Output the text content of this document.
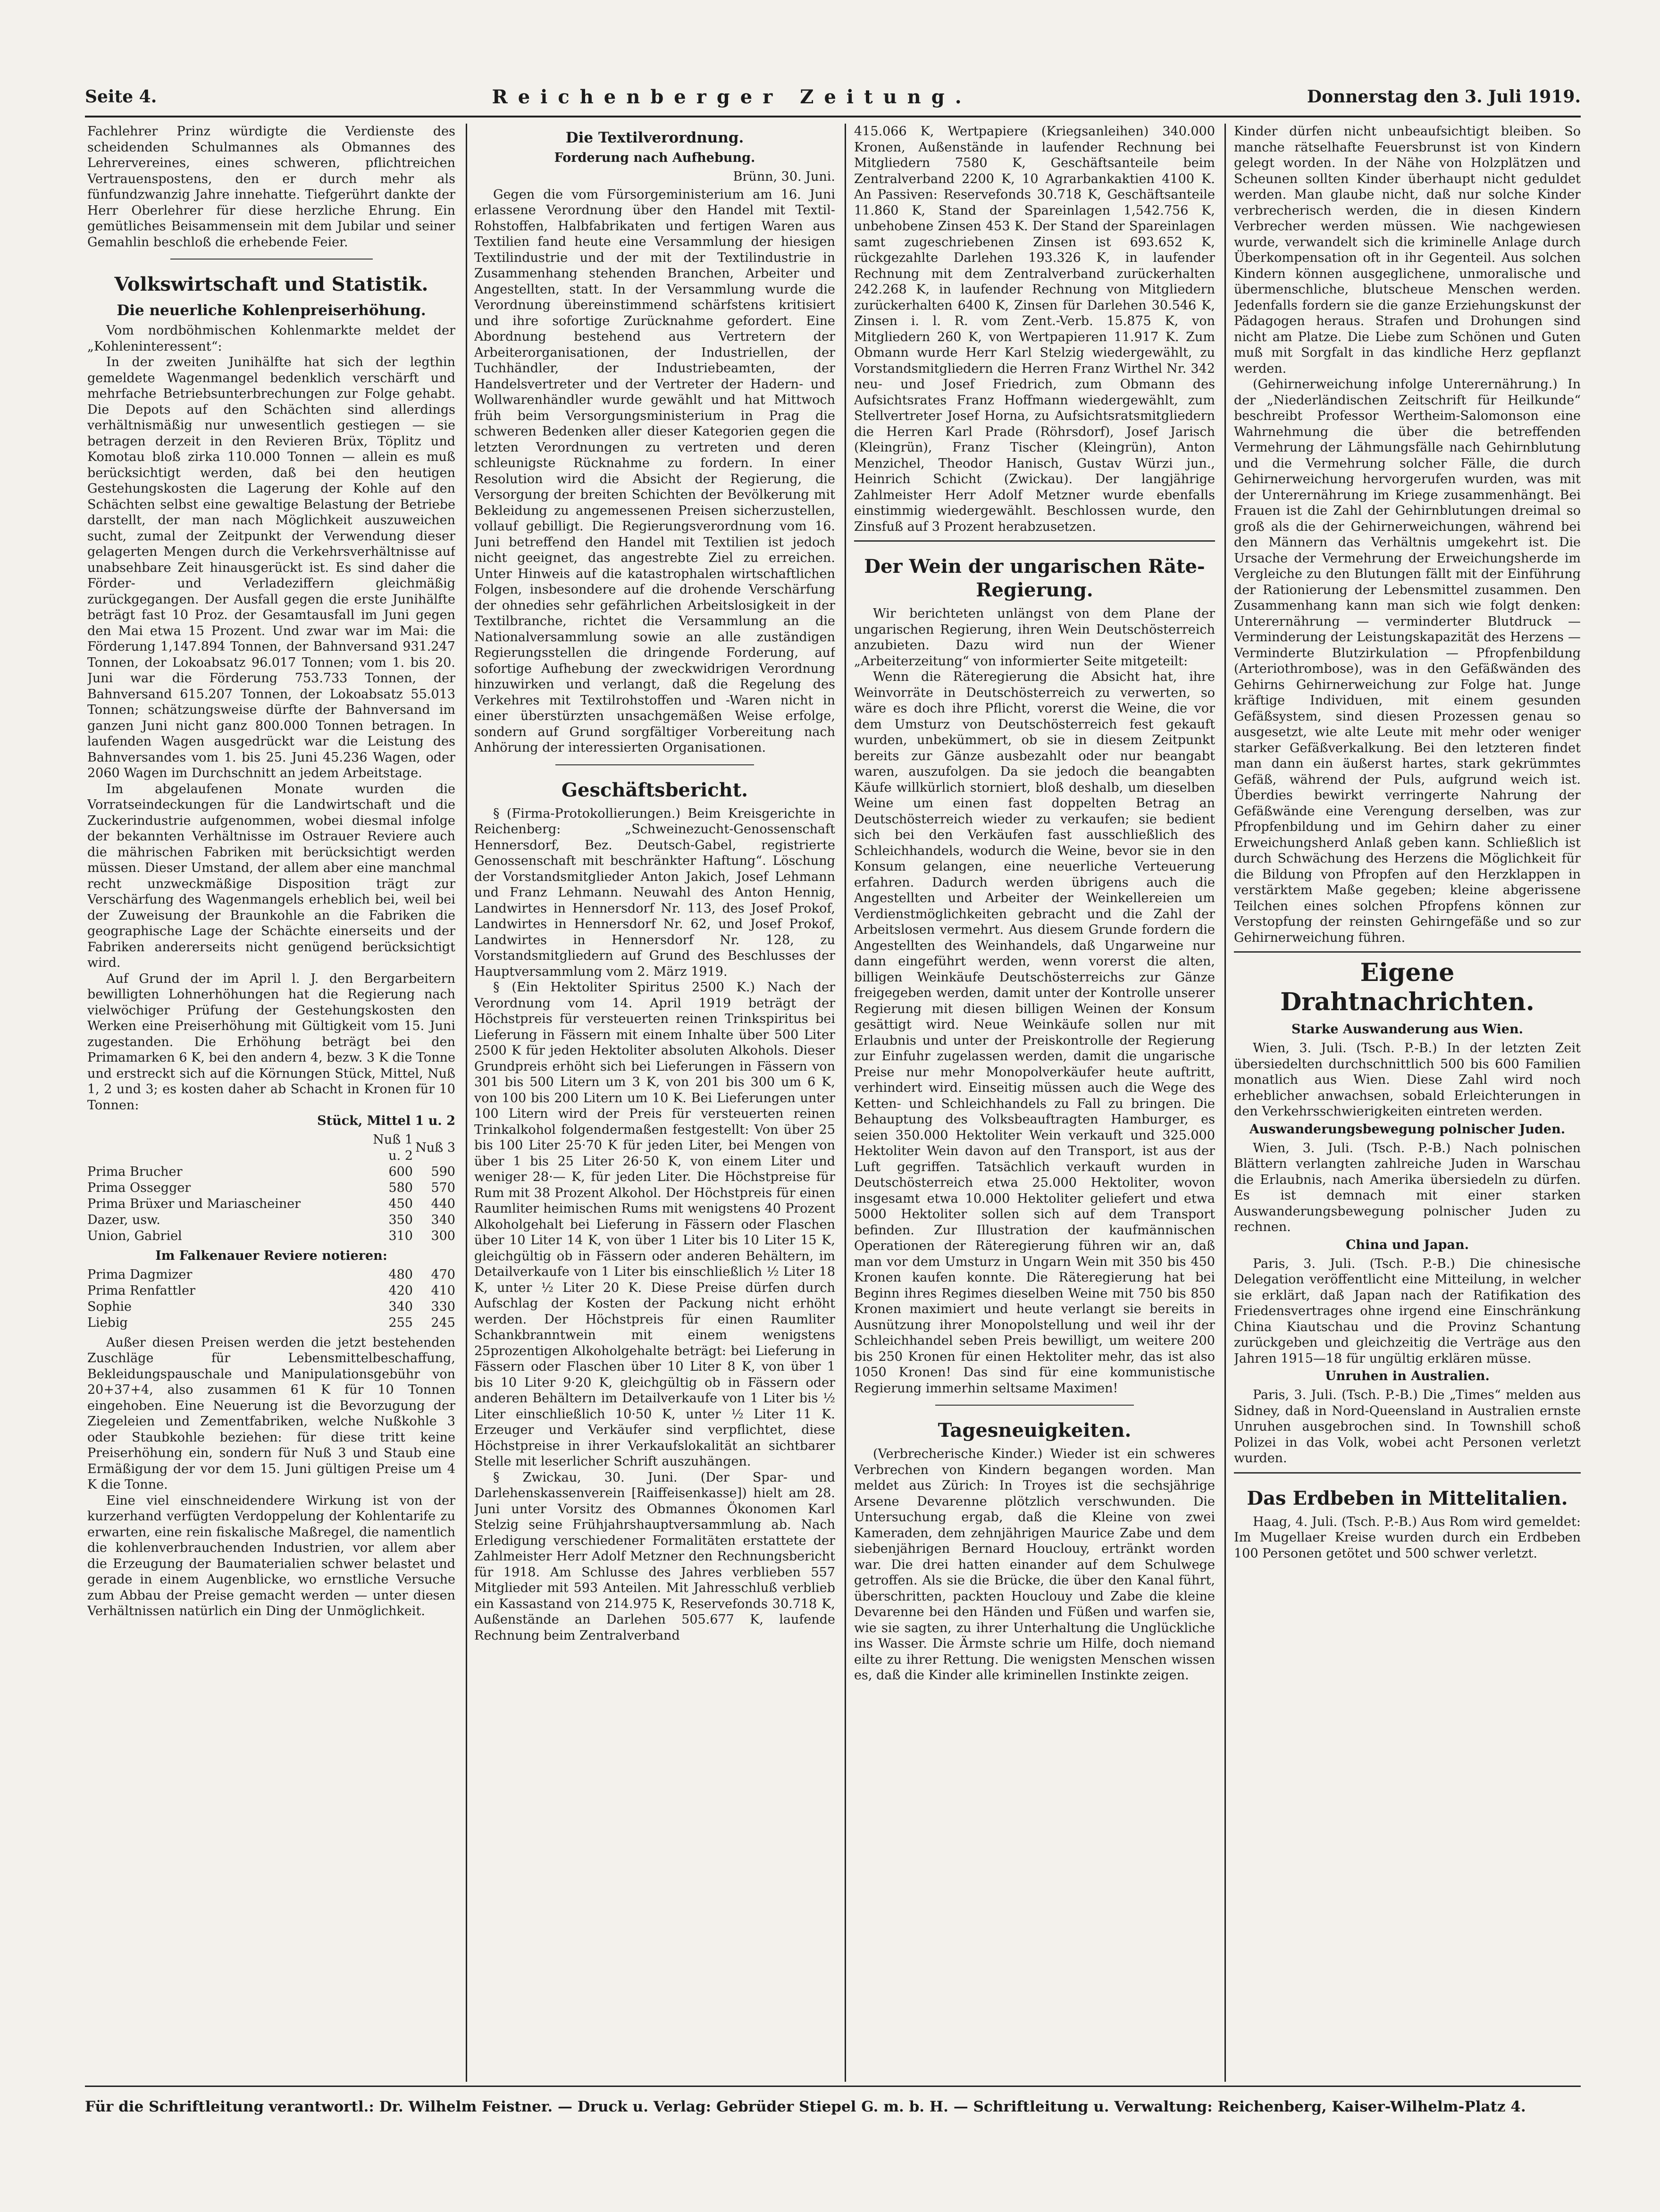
Seite 4.	Reichenberger Zeitung.	Donnerstag den 3. Juli 1919.

Fachlehrer Prinz würdigte die Verdienste des scheidenden Schulmannes als Obmannes des Lehrervereines, eines schweren, pflichtreichen Vertrauenspostens, den er durch mehr als fünfundzwanzig Jahre innehatte. Tiefgerührt dankte der Herr Oberlehrer für diese herzliche Ehrung. Ein gemütliches Beisammensein mit dem Jubilar und seiner Gemahlin beschloß die erhebende Feier.

Volkswirtschaft und Statistik.
Die neuerliche Kohlenpreiserhöhung.

Vom nordböhmischen Kohlenmarkte meldet der „Kohleninteressent“:

In der zweiten Junihälfte hat sich der legthin gemeldete Wagenmangel bedenklich verschärft und mehrfache Betriebsunterbrechungen zur Folge gehabt. Die Depots auf den Schächten sind allerdings verhältnismäßig nur unwesentlich gestiegen — sie betragen derzeit in den Revieren Brüx, Töplitz und Komotau bloß zirka 110.000 Tonnen — allein es muß berücksichtigt werden, daß bei den heutigen Gestehungskosten die Lagerung der Kohle auf den Schächten selbst eine gewaltige Belastung der Betriebe darstellt, der man nach Möglichkeit auszuweichen sucht, zumal der Zeitpunkt der Verwendung dieser gelagerten Mengen durch die Verkehrsverhältnisse auf unabsehbare Zeit hinausgerückt ist. Es sind daher die Förder- und Verladeziffern gleichmäßig zurückgegangen. Der Ausfall gegen die erste Junihälfte beträgt fast 10 Proz. der Gesamtausfall im Juni gegen den Mai etwa 15 Prozent. Und zwar war im Mai: die Förderung 1,147.894 Tonnen, der Bahnversand 931.247 Tonnen, der Lokoabsatz 96.017 Tonnen; vom 1. bis 20. Juni war die Förderung 753.733 Tonnen, der Bahnversand 615.207 Tonnen, der Lokoabsatz 55.013 Tonnen; schätzungsweise dürfte der Bahnversand im ganzen Juni nicht ganz 800.000 Tonnen betragen. In laufenden Wagen ausgedrückt war die Leistung des Bahnversandes vom 1. bis 25. Juni 45.236 Wagen, oder 2060 Wagen im Durchschnitt an jedem Arbeitstage.

Im abgelaufenen Monate wurden die Vorratseindeckungen für die Landwirtschaft und die Zuckerindustrie aufgenommen, wobei diesmal infolge der bekannten Verhältnisse im Ostrauer Reviere auch die mährischen Fabriken mit berücksichtigt werden müssen. Dieser Umstand, der allem aber eine manchmal recht unzweckmäßige Disposition trägt zur Verschärfung des Wagenmangels erheblich bei, weil bei der Zuweisung der Braunkohle an die Fabriken die geographische Lage der Schächte einerseits und der Fabriken andererseits nicht genügend berücksichtigt wird.

Auf Grund der im April l. J. den Bergarbeitern bewilligten Lohnerhöhungen hat die Regierung nach vielwöchiger Prüfung der Gestehungskosten den Werken eine Preiserhöhung mit Gültigkeit vom 15. Juni zugestanden. Die Erhöhung beträgt bei den Primamarken 6 K, bei den andern 4, bezw. 3 K die Tonne und erstreckt sich auf die Körnungen Stück, Mittel, Nuß 1, 2 und 3; es kosten daher ab Schacht in Kronen für 10 Tonnen:

Stück, Mittel 1 u. 2
	Nuß 1 u. 2	Nuß 3
Prima Brucher	600	590
Prima Ossegger	580	570
Prima Brüxer und Mariascheiner	450	440
Dazer, usw.	350	340
Union, Gabriel	310	300
Im Falkenauer Reviere notieren:
Prima Dagmizer	480	470
Prima Renfattler	420	410
Sophie	340	330
Liebig	255	245

Außer diesen Preisen werden die jetzt bestehenden Zuschläge für Lebensmittelbeschaffung, Bekleidungspauschale und Manipulationsgebühr von 20+37+4, also zusammen 61 K für 10 Tonnen eingehoben. Eine Neuerung ist die Bevorzugung der Ziegeleien und Zementfabriken, welche Nußkohle 3 oder Staubkohle beziehen: für diese tritt keine Preiserhöhung ein, sondern für Nuß 3 und Staub eine Ermäßigung der vor dem 15. Juni gültigen Preise um 4 K die Tonne.

Eine viel einschneidendere Wirkung ist von der kurzerhand verfügten Verdoppelung der Kohlentarife zu erwarten, eine rein fiskalische Maßregel, die namentlich die kohlenverbrauchenden Industrien, vor allem aber die Erzeugung der Baumaterialien schwer belastet und gerade in einem Augenblicke, wo ernstliche Versuche zum Abbau der Preise gemacht werden — unter diesen Verhältnissen natürlich ein Ding der Unmöglichkeit.

Die Textilverordnung.
Forderung nach Aufhebung.
Brünn, 30. Juni.

Gegen die vom Fürsorgeministerium am 16. Juni erlassene Verordnung über den Handel mit Textil-Rohstoffen, Halbfabrikaten und fertigen Waren aus Textilien fand heute eine Versammlung der hiesigen Textilindustrie und der mit der Textilindustrie in Zusammenhang stehenden Branchen, Arbeiter und Angestellten, statt. In der Versammlung wurde die Verordnung übereinstimmend schärfstens kritisiert und ihre sofortige Zurücknahme gefordert. Eine Abordnung bestehend aus Vertretern der Arbeiterorganisationen, der Industriellen, der Tuchhändler, der Industriebeamten, der Handelsvertreter und der Vertreter der Hadern- und Wollwarenhändler wurde gewählt und hat Mittwoch früh beim Versorgungsministerium in Prag die schweren Bedenken aller dieser Kategorien gegen die letzten Verordnungen zu vertreten und deren schleunigste Rücknahme zu fordern. In einer Resolution wird die Absicht der Regierung, die Versorgung der breiten Schichten der Bevölkerung mit Bekleidung zu angemessenen Preisen sicherzustellen, vollauf gebilligt. Die Regierungsverordnung vom 16. Juni betreffend den Handel mit Textilien ist jedoch nicht geeignet, das angestrebte Ziel zu erreichen. Unter Hinweis auf die katastrophalen wirtschaftlichen Folgen, insbesondere auf die drohende Verschärfung der ohnedies sehr gefährlichen Arbeitslosigkeit in der Textilbranche, richtet die Versammlung an die Nationalversammlung sowie an alle zuständigen Regierungsstellen die dringende Forderung, auf sofortige Aufhebung der zweckwidrigen Verordnung hinzuwirken und verlangt, daß die Regelung des Verkehres mit Textilrohstoffen und -Waren nicht in einer überstürzten unsachgemäßen Weise erfolge, sondern auf Grund sorgfältiger Vorbereitung nach Anhörung der interessierten Organisationen.

Geschäftsbericht.

§ (Firma-Protokollierungen.) Beim Kreisgerichte in Reichenberg: „Schweinezucht-Genossenschaft Hennersdorf, Bez. Deutsch-Gabel, registrierte Genossenschaft mit beschränkter Haftung“. Löschung der Vorstandsmitglieder Anton Jakich, Josef Lehmann und Franz Lehmann. Neuwahl des Anton Hennig, Landwirtes in Hennersdorf Nr. 113, des Josef Prokof, Landwirtes in Hennersdorf Nr. 62, und Josef Prokof, Landwirtes in Hennersdorf Nr. 128, zu Vorstandsmitgliedern auf Grund des Beschlusses der Hauptversammlung vom 2. März 1919.

§ (Ein Hektoliter Spiritus 2500 K.) Nach der Verordnung vom 14. April 1919 beträgt der Höchstpreis für versteuerten reinen Trinkspiritus bei Lieferung in Fässern mit einem Inhalte über 500 Liter 2500 K für jeden Hektoliter absoluten Alkohols. Dieser Grundpreis erhöht sich bei Lieferungen in Fässern von 301 bis 500 Litern um 3 K, von 201 bis 300 um 6 K, von 100 bis 200 Litern um 10 K. Bei Lieferungen unter 100 Litern wird der Preis für versteuerten reinen Trinkalkohol folgendermaßen festgestellt: Von über 25 bis 100 Liter 25·70 K für jeden Liter, bei Mengen von über 1 bis 25 Liter 26·50 K, von einem Liter und weniger 28·— K, für jeden Liter. Die Höchstpreise für Rum mit 38 Prozent Alkohol. Der Höchstpreis für einen Raumliter heimischen Rums mit wenigstens 40 Prozent Alkoholgehalt bei Lieferung in Fässern oder Flaschen über 10 Liter 14 K, von über 1 Liter bis 10 Liter 15 K, gleichgültig ob in Fässern oder anderen Behältern, im Detailverkaufe von 1 Liter bis einschließlich ½ Liter 18 K, unter ½ Liter 20 K. Diese Preise dürfen durch Aufschlag der Kosten der Packung nicht erhöht werden. Der Höchstpreis für einen Raumliter Schankbranntwein mit einem wenigstens 25prozentigen Alkoholgehalte beträgt: bei Lieferung in Fässern oder Flaschen über 10 Liter 8 K, von über 1 bis 10 Liter 9·20 K, gleichgültig ob in Fässern oder anderen Behältern im Detailverkaufe von 1 Liter bis ½ Liter einschließlich 10·50 K, unter ½ Liter 11 K. Erzeuger und Verkäufer sind verpflichtet, diese Höchstpreise in ihrer Verkaufslokalität an sichtbarer Stelle mit leserlicher Schrift auszuhängen.

§ Zwickau, 30. Juni. (Der Spar- und Darlehenskassenverein [Raiffeisenkasse]) hielt am 28. Juni unter Vorsitz des Obmannes Ökonomen Karl Stelzig seine Frühjahrshauptversammlung ab. Nach Erledigung verschiedener Formalitäten erstattete der Zahlmeister Herr Adolf Metzner den Rechnungsbericht für 1918. Am Schlusse des Jahres verblieben 557 Mitglieder mit 593 Anteilen. Mit Jahresschluß verblieb ein Kassastand von 214.975 K, Reservefonds 30.718 K, Außenstände an Darlehen 505.677 K, laufende Rechnung beim Zentralverband

415.066 K, Wertpapiere (Kriegsanleihen) 340.000 Kronen, Außenstände in laufender Rechnung bei Mitgliedern 7580 K, Geschäftsanteile beim Zentralverband 2200 K, 10 Agrarbankaktien 4100 K. An Passiven: Reservefonds 30.718 K, Geschäftsanteile 11.860 K, Stand der Spareinlagen 1,542.756 K, unbehobene Zinsen 453 K. Der Stand der Spareinlagen samt zugeschriebenen Zinsen ist 693.652 K, rückgezahlte Darlehen 193.326 K, in laufender Rechnung mit dem Zentralverband zurückerhalten 242.268 K, in laufender Rechnung von Mitgliedern zurückerhalten 6400 K, Zinsen für Darlehen 30.546 K, Zinsen i. l. R. vom Zent.-Verb. 15.875 K, von Mitgliedern 260 K, von Wertpapieren 11.917 K. Zum Obmann wurde Herr Karl Stelzig wiedergewählt, zu Vorstandsmitgliedern die Herren Franz Wirthel Nr. 342 neu- und Josef Friedrich, zum Obmann des Aufsichtsrates Franz Hoffmann wiedergewählt, zum Stellvertreter Josef Horna, zu Aufsichtsratsmitgliedern die Herren Karl Prade (Röhrsdorf), Josef Jarisch (Kleingrün), Franz Tischer (Kleingrün), Anton Menzichel, Theodor Hanisch, Gustav Würzi jun., Heinrich Schicht (Zwickau). Der langjährige Zahlmeister Herr Adolf Metzner wurde ebenfalls einstimmig wiedergewählt. Beschlossen wurde, den Zinsfuß auf 3 Prozent herabzusetzen.

Der Wein der ungarischen Räte-Regierung.

Wir berichteten unlängst von dem Plane der ungarischen Regierung, ihren Wein Deutschösterreich anzubieten. Dazu wird nun der Wiener „Arbeiterzeitung“ von informierter Seite mitgeteilt:

Wenn die Räteregierung die Absicht hat, ihre Weinvorräte in Deutschösterreich zu verwerten, so wäre es doch ihre Pflicht, vorerst die Weine, die vor dem Umsturz von Deutschösterreich fest gekauft wurden, unbekümmert, ob sie in diesem Zeitpunkt bereits zur Gänze ausbezahlt oder nur beangabt waren, auszufolgen. Da sie jedoch die beangabten Käufe willkürlich storniert, bloß deshalb, um dieselben Weine um einen fast doppelten Betrag an Deutschösterreich wieder zu verkaufen; sie bedient sich bei den Verkäufen fast ausschließlich des Schleichhandels, wodurch die Weine, bevor sie in den Konsum gelangen, eine neuerliche Verteuerung erfahren. Dadurch werden übrigens auch die Angestellten und Arbeiter der Weinkellereien um Verdienstmöglichkeiten gebracht und die Zahl der Arbeitslosen vermehrt. Aus diesem Grunde fordern die Angestellten des Weinhandels, daß Ungarweine nur dann eingeführt werden, wenn vorerst die alten, billigen Weinkäufe Deutschösterreichs zur Gänze freigegeben werden, damit unter der Kontrolle unserer Regierung mit diesen billigen Weinen der Konsum gesättigt wird. Neue Weinkäufe sollen nur mit Erlaubnis und unter der Preiskontrolle der Regierung zur Einfuhr zugelassen werden, damit die ungarische Preise nur mehr Monopolverkäufer heute auftritt, verhindert wird. Einseitig müssen auch die Wege des Ketten- und Schleichhandels zu Fall zu bringen. Die Behauptung des Volksbeauftragten Hamburger, es seien 350.000 Hektoliter Wein verkauft und 325.000 Hektoliter Wein davon auf den Transport, ist aus der Luft gegriffen. Tatsächlich verkauft wurden in Deutschösterreich etwa 25.000 Hektoliter, wovon insgesamt etwa 10.000 Hektoliter geliefert und etwa 5000 Hektoliter sollen sich auf dem Transport befinden. Zur Illustration der kaufmännischen Operationen der Räteregierung führen wir an, daß man vor dem Umsturz in Ungarn Wein mit 350 bis 450 Kronen kaufen konnte. Die Räteregierung hat bei Beginn ihres Regimes dieselben Weine mit 750 bis 850 Kronen maximiert und heute verlangt sie bereits in Ausnützung ihrer Monopolstellung und weil ihr der Schleichhandel seben Preis bewilligt, um weitere 200 bis 250 Kronen für einen Hektoliter mehr, das ist also 1050 Kronen! Das sind für eine kommunistische Regierung immerhin seltsame Maximen!

Tagesneuigkeiten.

(Verbrecherische Kinder.) Wieder ist ein schweres Verbrechen von Kindern begangen worden. Man meldet aus Zürich: In Troyes ist die sechsjährige Arsene Devarenne plötzlich verschwunden. Die Untersuchung ergab, daß die Kleine von zwei Kameraden, dem zehnjährigen Maurice Zabe und dem siebenjährigen Bernard Houclouy, ertränkt worden war. Die drei hatten einander auf dem Schulwege getroffen. Als sie die Brücke, die über den Kanal führt, überschritten, packten Houclouy und Zabe die kleine Devarenne bei den Händen und Füßen und warfen sie, wie sie sagten, zu ihrer Unterhaltung die Unglückliche ins Wasser. Die Ärmste schrie um Hilfe, doch niemand eilte zu ihrer Rettung. Die wenigsten Menschen wissen es, daß die Kinder alle kriminellen Instinkte zeigen.

Kinder dürfen nicht unbeaufsichtigt bleiben. So manche rätselhafte Feuersbrunst ist von Kindern gelegt worden. In der Nähe von Holzplätzen und Scheunen sollten Kinder überhaupt nicht geduldet werden. Man glaube nicht, daß nur solche Kinder verbrecherisch werden, die in diesen Kindern Verbrecher werden müssen. Wie nachgewiesen wurde, verwandelt sich die kriminelle Anlage durch Überkompensation oft in ihr Gegenteil. Aus solchen Kindern können ausgeglichene, unmoralische und übermenschliche, blutscheue Menschen werden. Jedenfalls fordern sie die ganze Erziehungskunst der Pädagogen heraus. Strafen und Drohungen sind nicht am Platze. Die Liebe zum Schönen und Guten muß mit Sorgfalt in das kindliche Herz gepflanzt werden.

(Gehirnerweichung infolge Unterernährung.) In der „Niederländischen Zeitschrift für Heilkunde“ beschreibt Professor Wertheim-Salomonson eine Wahrnehmung die über die betreffenden Vermehrung der Lähmungsfälle nach Gehirnblutung und die Vermehrung solcher Fälle, die durch Gehirnerweichung hervorgerufen wurden, was mit der Unterernährung im Kriege zusammenhängt. Bei Frauen ist die Zahl der Gehirnblutungen dreimal so groß als die der Gehirnerweichungen, während bei den Männern das Verhältnis umgekehrt ist. Die Ursache der Vermehrung der Erweichungsherde im Vergleiche zu den Blutungen fällt mit der Einführung der Rationierung der Lebensmittel zusammen. Den Zusammenhang kann man sich wie folgt denken: Unterernährung — verminderter Blutdruck — Verminderung der Leistungskapazität des Herzens — Verminderte Blutzirkulation — Pfropfenbildung (Arteriothrombose), was in den Gefäßwänden des Gehirns Gehirnerweichung zur Folge hat. Junge kräftige Individuen, mit einem gesunden Gefäßsystem, sind diesen Prozessen genau so ausgesetzt, wie alte Leute mit mehr oder weniger starker Gefäßverkalkung. Bei den letzteren findet man dann ein äußerst hartes, stark gekrümmtes Gefäß, während der Puls, aufgrund weich ist. Überdies bewirkt verringerte Nahrung der Gefäßwände eine Verengung derselben, was zur Pfropfenbildung und im Gehirn daher zu einer Erweichungsherd Anlaß geben kann. Schließlich ist durch Schwächung des Herzens die Möglichkeit für die Bildung von Pfropfen auf den Herzklappen in verstärktem Maße gegeben; kleine abgerissene Teilchen eines solchen Pfropfens können zur Verstopfung der reinsten Gehirngefäße und so zur Gehirnerweichung führen.

Eigene Drahtnachrichten.
Starke Auswanderung aus Wien.

Wien, 3. Juli. (Tsch. P.-B.) In der letzten Zeit übersiedelten durchschnittlich 500 bis 600 Familien monatlich aus Wien. Diese Zahl wird noch erheblicher anwachsen, sobald Erleichterungen in den Verkehrsschwierigkeiten eintreten werden.

Auswanderungsbewegung polnischer Juden.

Wien, 3. Juli. (Tsch. P.-B.) Nach polnischen Blättern verlangten zahlreiche Juden in Warschau die Erlaubnis, nach Amerika übersiedeln zu dürfen. Es ist demnach mit einer starken Auswanderungsbewegung polnischer Juden zu rechnen.

China und Japan.

Paris, 3. Juli. (Tsch. P.-B.) Die chinesische Delegation veröffentlicht eine Mitteilung, in welcher sie erklärt, daß Japan nach der Ratifikation des Friedensvertrages ohne irgend eine Einschränkung China Kiautschau und die Provinz Schantung zurückgeben und gleichzeitig die Verträge aus den Jahren 1915—18 für ungültig erklären müsse.

Unruhen in Australien.

Paris, 3. Juli. (Tsch. P.-B.) Die „Times“ melden aus Sidney, daß in Nord-Queensland in Australien ernste Unruhen ausgebrochen sind. In Townshill schoß Polizei in das Volk, wobei acht Personen verletzt wurden.

Das Erdbeben in Mittelitalien.

Haag, 4. Juli. (Tsch. P.-B.) Aus Rom wird gemeldet: Im Mugellaer Kreise wurden durch ein Erdbeben 100 Personen getötet und 500 schwer verletzt.

Für die Schriftleitung verantwortl.: Dr. Wilhelm Feistner. — Druck u. Verlag: Gebrüder Stiepel G. m. b. H. — Schriftleitung u. Verwaltung: Reichenberg, Kaiser-Wilhelm-Platz 4.
